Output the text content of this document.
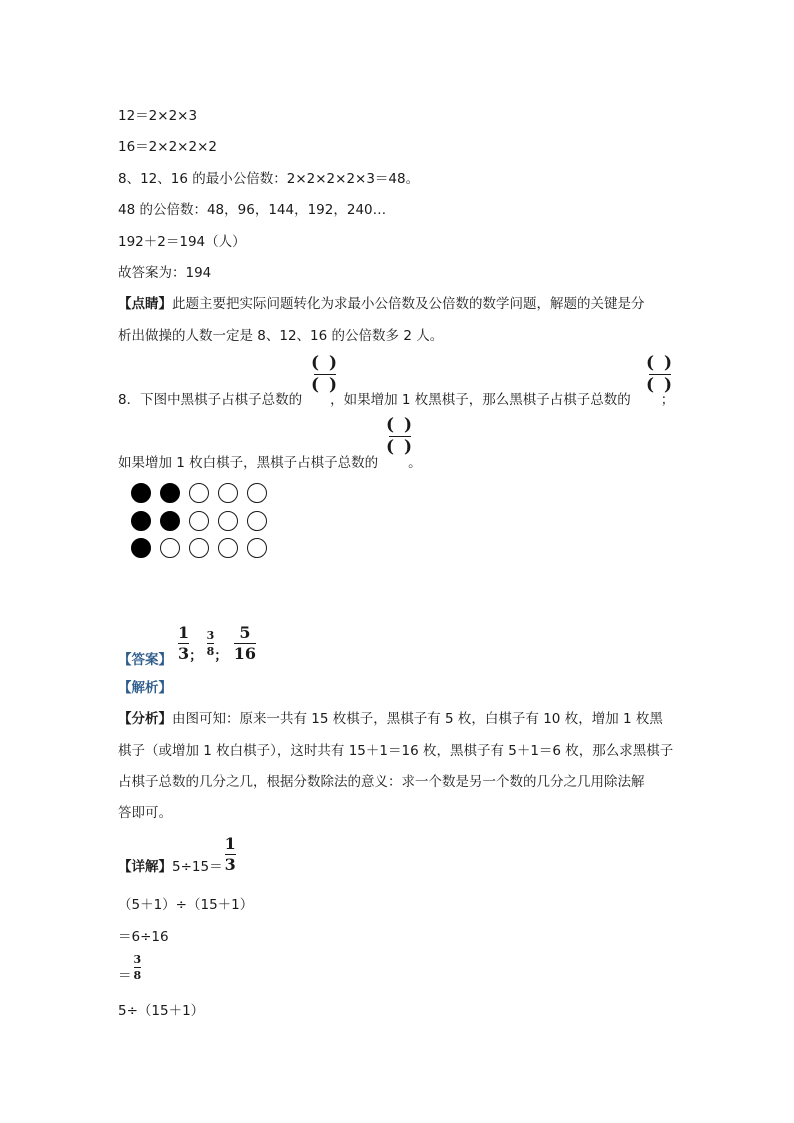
12＝2×2×3
16＝2×2×2×2
8、12、16 的最小公倍数：2×2×2×2×3＝48。
48 的公倍数：48，96，144，192，240…
192＋2＝194（人）
故答案为：194
【点睛】此题主要把实际问题转化为求最小公倍数及公倍数的数学问题，解题的关键是分
析出做操的人数一定是 8、12、16 的公倍数多 2 人。
8．下图中黑棋子占棋子总数的 ，如果增加 1 枚黑棋子，那么黑棋子占棋子总数的 ；
( )
( )
( )
( )
如果增加 1 枚白棋子，黑棋子占棋子总数的 。
( )
( )
【答案】 $\frac{1}{3}$ ； $\frac{3}{8}$ ； $\frac{5}{16}$
【解析】
【分析】由图可知：原来一共有 15 枚棋子，黑棋子有 5 枚，白棋子有 10 枚，增加 1 枚黑
棋子（或增加 1 枚白棋子），这时共有 15＋1＝16 枚，黑棋子有 5＋1＝6 枚，那么求黑棋子
占棋子总数的几分之几，根据分数除法的意义：求一个数是另一个数的几分之几用除法解
答即可。
【详解】 $5\div 15= \frac{1}{3}$
（5＋1）÷（15＋1）
＝6÷16
＝ $\frac{3}{8}$
5÷（15＋1）
